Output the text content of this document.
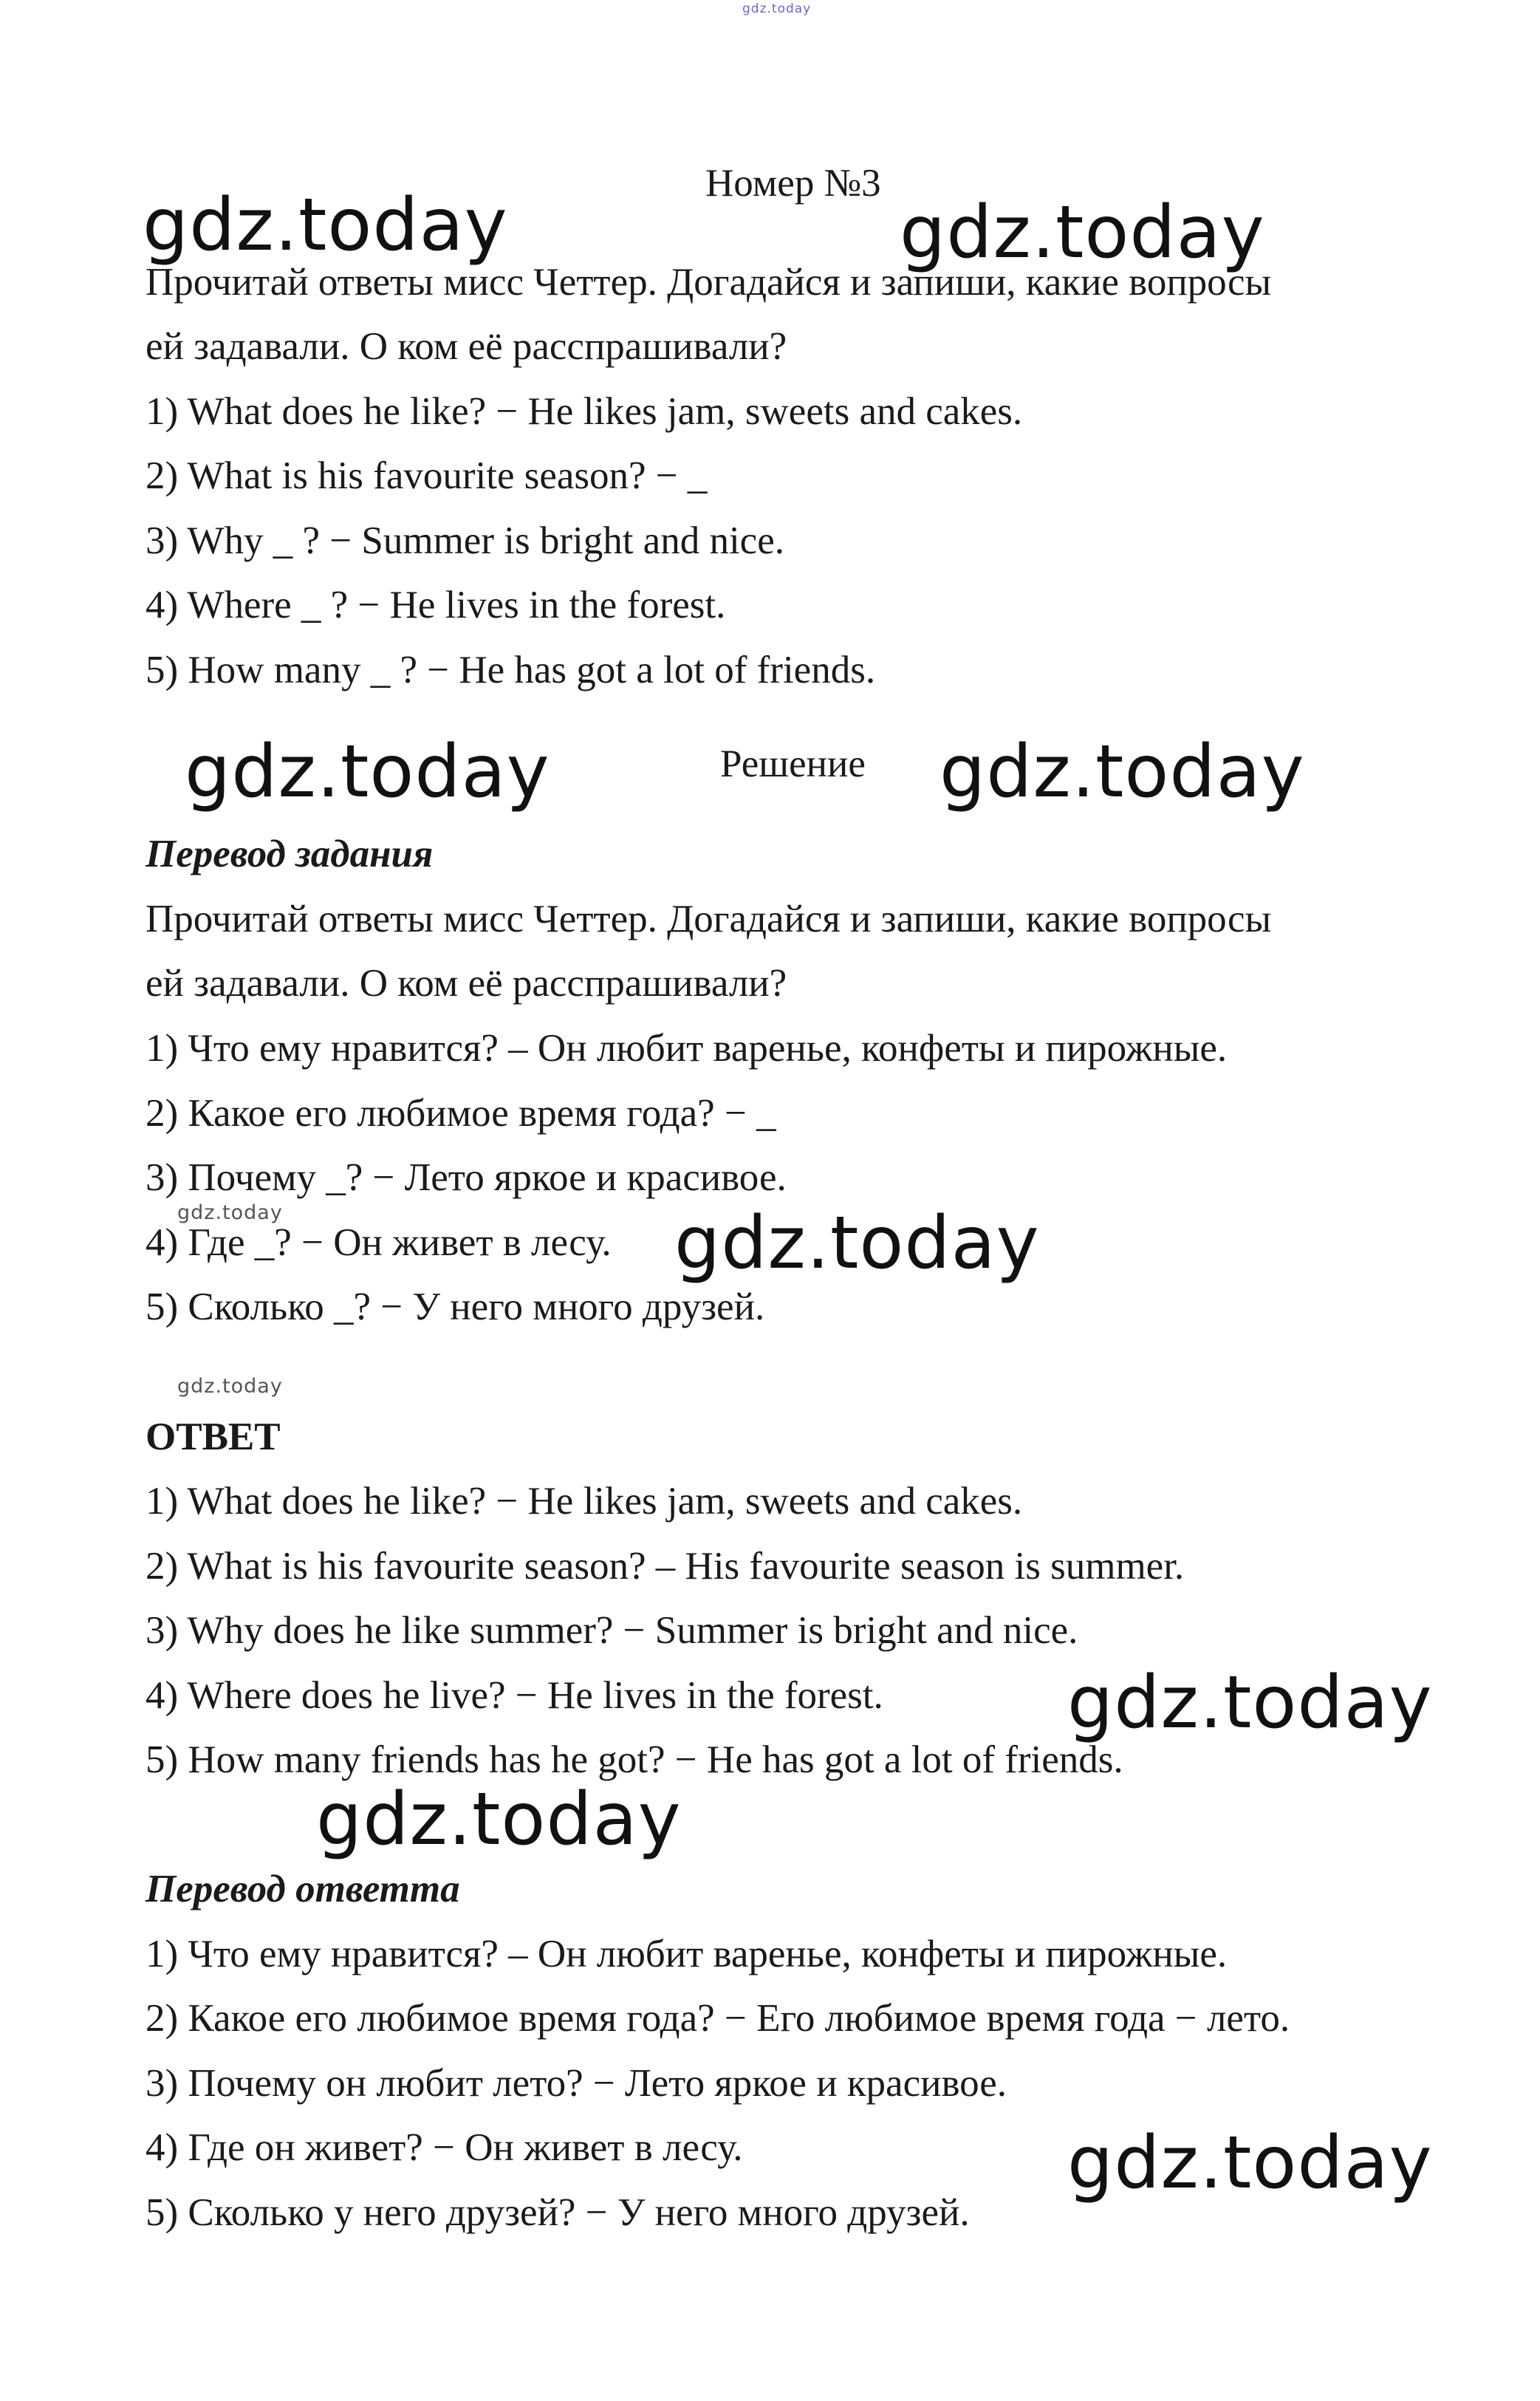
gdz.today
Номер №3
gdz.today	gdz.today
Прочитай ответы мисс Четтер. Догадайся и запиши, какие вопросы
ей задавали. О ком её расспрашивали?
1) What does he like? − He likes jam, sweets and cakes.
2) What is his favourite season? − _
3) Why _ ? − Summer is bright and nice.
4) Where _ ? − He lives in the forest.
5) How many _ ? − He has got a lot of friends.
gdz.today	Решение gdz.today
Перевод задания
Прочитай ответы мисс Четтер. Догадайся и запиши, какие вопросы
ей задавали. О ком её расспрашивали?
1) Что ему нравится? – Он любит варенье, конфеты и пирожные.
2) Какое его любимое время года? − _
3) Почему _? − Лето яркое и красивое.
gdz.today
4) Где _? − Он живет в лесу. gdz.today
5) Сколько _? − У него много друзей.
gdz.today
ОТВЕТ
1) What does he like? − He likes jam, sweets and cakes.
2) What is his favourite season? – His favourite season is summer.
3) Why does he like summer? − Summer is bright and nice.
4) Where does he live? − He lives in the forest.	gdz.today
5) How many friends has he got? − He has got a lot of friends.
gdz.today
Перевод ответта
1) Что ему нравится? – Он любит варенье, конфеты и пирожные.
2) Какое его любимое время года? − Его любимое время года − лето.
3) Почему он любит лето? − Лето яркое и красивое.
4) Где он живет? − Он живет в лесу.	gdz.today
5) Сколько у него друзей? − У него много друзей.
